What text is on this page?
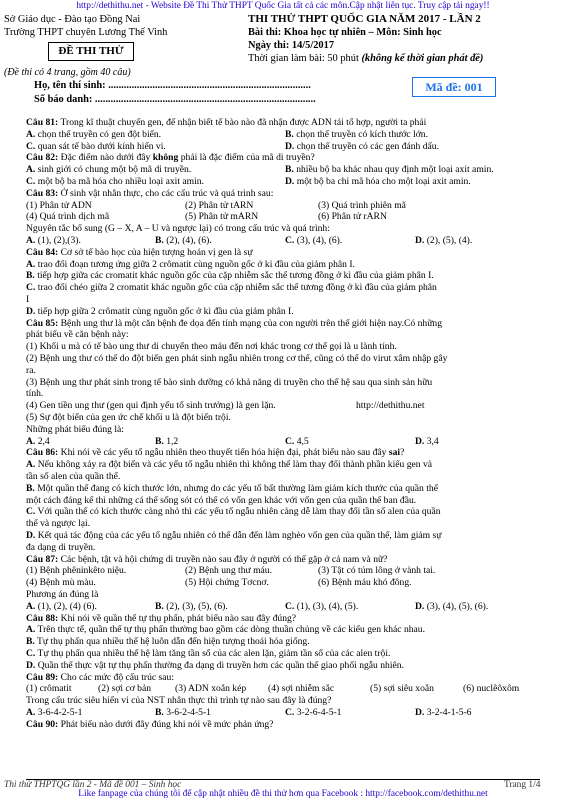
http://dethithu.net - Website Đề Thi Thử THPT Quốc Gia tất cả các môn.Cập nhật liên tục. Truy cập tải ngay!!
Sở Giáo dục - Đào tạo Đồng Nai
Trường THPT chuyên Lương Thế Vinh
ĐỀ THI THỬ
THI THỬ THPT QUỐC GIA NĂM 2017 - LẦN 2
Bài thi: Khoa học tự nhiên – Môn: Sinh học
Ngày thi: 14/5/2017
Thời gian làm bài: 50 phút (không kể thời gian phát đề)
(Đề thi có 4 trang, gồm 40 câu)
Họ, tên thí sinh: ..............................................................................
Số báo danh: .....................................................................................
Mã đề: 001
Câu 81: Trong kĩ thuật chuyển gen, để nhận biết tế bào nào đã nhận được ADN tái tổ hợp, người ta phải
A. chọn thể truyền có gen đột biến.	B. chọn thể truyền có kích thước lớn.
C. quan sát tế bào dưới kính hiển vi.	D. chọn thể truyền có các gen đánh dấu.
Câu 82: Đặc điểm nào dưới đây không phải là đặc điểm của mã di truyền?
A. sinh giới có chung một bộ mã di truyền.	B. nhiều bộ ba khác nhau quy định một loại axit amin.
C. một bộ ba mã hóa cho nhiều loại axit amin.	D. một bộ ba chỉ mã hóa cho một loại axit amin.
Câu 83: Ở sinh vật nhân thực, cho các cấu trúc và quá trình sau:
(1) Phân tử ADN	(2) Phân tử tARN	(3) Quá trình phiên mã
(4) Quá trình dịch mã	(5) Phân tử mARN	(6) Phân tử rARN
Nguyên tắc bổ sung (G – X, A – U và ngược lại) có trong cấu trúc và quá trình:
A. (1), (2),(3).	B. (2), (4), (6).	C. (3), (4), (6).	D. (2), (5), (4).
Câu 84: Cơ sở tế bào học của hiện tượng hoán vị gen là sự
A. trao đổi đoạn tương ứng giữa 2 crômatit cùng nguồn gốc ở kì đầu của giảm phân I.
B. tiếp hợp giữa các cromatit khác nguồn gốc của cặp nhiễm sắc thể tương đồng ở kì đầu của giảm phân I.
C. trao đổi chéo giữa 2 cromatit khác nguồn gốc của cặp nhiễm sắc thể tương đồng ở kì đầu của giảm phân
I
D. tiếp hợp giữa 2 crômatit cùng nguồn gốc ở kì đầu của giảm phân I.
Câu 85: Bệnh ung thư là một căn bệnh đe dọa đến tính mạng của con người trên thế giới hiện nay.Có những
phát biểu về căn bệnh này:
(1) Khối u mà có tế bào ung thư di chuyển theo máu đến nơi khác trong cơ thể gọi là u lành tính.
(2) Bệnh ung thư có thể do đột biến gen phát sinh ngẫu nhiên trong cơ thể, cũng có thể do virut xâm nhập gây
ra.
(3) Bệnh ung thư phát sinh trong tế bào sinh dưỡng có khả năng di truyền cho thế hệ sau qua sinh sản hữu
tính.
(4) Gen tiền ung thư (gen qui định yếu tố sinh trưởng) là gen lặn.	http://dethithu.net
(5) Sự đột biến của gen ức chế khối u là đột biến trội.
Những phát biểu đúng là:
A. 2,4	B. 1,2	C. 4,5	D. 3,4
Câu 86: Khi nói về các yếu tố ngẫu nhiên theo thuyết tiến hóa hiện đại, phát biểu nào sau đây sai?
A. Nếu không xảy ra đột biến và các yếu tố ngẫu nhiên thì không thể làm thay đổi thành phần kiểu gen và
tần số alen của quần thể.
B. Một quần thể đang có kích thước lớn, nhưng do các yếu tố bất thường làm giảm kích thước của quần thể
một cách đáng kể thì những cá thể sống sót có thể có vốn gen khác với vốn gen của quần thể ban đầu.
C. Với quần thể có kích thước càng nhỏ thì các yếu tố ngẫu nhiên càng dễ làm thay đổi tần số alen của quần
thể và ngược lại.
D. Kết quả tác động của các yếu tố ngẫu nhiên có thể dẫn đến làm nghèo vốn gen của quần thể, làm giảm sự
đa dạng di truyền.
Câu 87: Các bệnh, tật và hội chứng di truyền nào sau đây ở người có thể gặp ở cả nam và nữ?
(1) Bệnh phêninkêto niệu.	(2) Bệnh ung thư máu.	(3) Tật có túm lông ở vành tai.
(4) Bệnh mù màu.	(5) Hội chứng Tơcnơ.	(6) Bệnh máu khó đông.
Phương án đúng là
A. (1), (2), (4) (6).	B. (2), (3), (5), (6).	C. (1), (3), (4), (5).	D. (3), (4), (5), (6).
Câu 88: Khi nói về quần thể tự thụ phấn, phát biểu nào sau đây đúng?
A. Trên thực tế, quần thể tự thụ phấn thường bao gồm các dòng thuần chủng về các kiểu gen khác nhau.
B. Tự thụ phấn qua nhiều thế hệ luôn dẫn đến hiện tượng thoái hóa giống.
C. Tự thụ phấn qua nhiều thế hệ làm tăng tần số của các alen lặn, giảm tần số của các alen trội.
D. Quần thể thực vật tự thụ phấn thường đa dạng di truyền hơn các quần thể giao phối ngẫu nhiên.
Câu 89: Cho các mức độ cấu trúc sau:
(1) crômatit	(2) sợi cơ bản (3) ADN xoắn kép (4) sợi nhiễm sắc	(5) sợi siêu xoắn	(6) nuclêôxôm
Trong cấu trúc siêu hiển vi của NST nhân thực thì trình tự nào sau đây là đúng?
A. 3-6-4-2-5-1	B. 3-6-2-4-5-1	C. 3-2-6-4-5-1	D. 3-2-4-1-5-6
Câu 90: Phát biểu nào dưới đây đúng khi nói về mức phản ứng?
Thi thử THPTQG lần 2 - Mã đề 001 – Sinh học	Trang 1/4
Like fanpage của chúng tôi để cập nhật nhiều đề thi thử hơn qua Facebook : http://facebook.com/dethithu.net
